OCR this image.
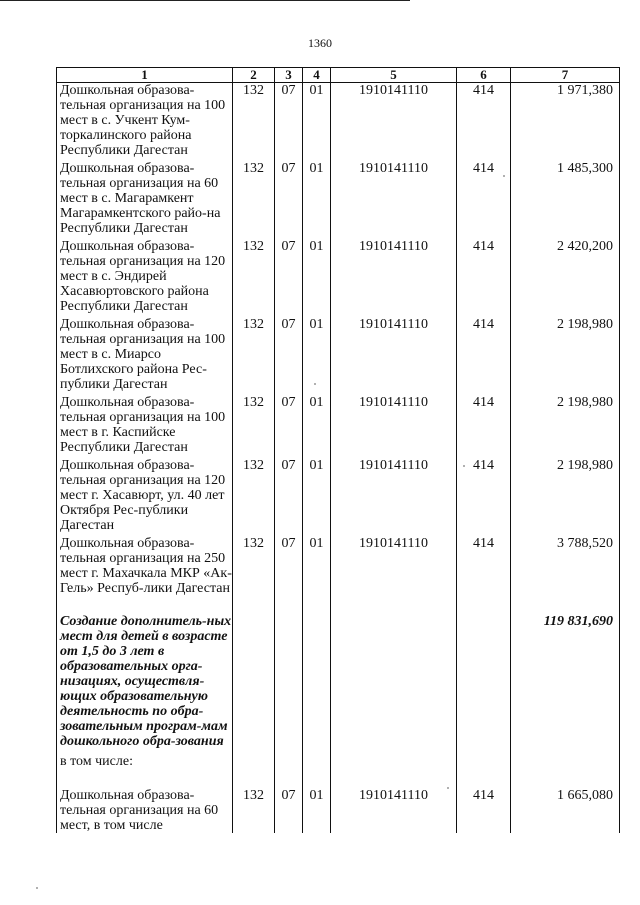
1360
1	2	3	4	5	6	7
Дошкольная образова-тельная организация на 100 мест в с. Учкент Кум-торкалинского района Республики Дагестан	132	07	01	1910141110	414	1 971,380
Дошкольная образова-тельная организация на 60 мест в с. Магарамкент Магарамкентского райо-на Республики Дагестан	132	07	01	1910141110	414	1 485,300
Дошкольная образова-тельная организация на 120 мест в с. Эндирей Хасавюртовского района Республики Дагестан	132	07	01	1910141110	414	2 420,200
Дошкольная образова-тельная организация на 100 мест в с. Миарсо Ботлихского района Рес-публики Дагестан	132	07	01	1910141110	414	2 198,980
Дошкольная образова-тельная организация на 100 мест в г. Каспийске Республики Дагестан	132	07	01	1910141110	414	2 198,980
Дошкольная образова-тельная организация на 120 мест г. Хасавюрт, ул. 40 лет Октября Рес-публики Дагестан	132	07	01	1910141110	414	2 198,980
Дошкольная образова-тельная организация на 250 мест г. Махачкала МКР «Ак-Гель» Респуб-лики Дагестан	132	07	01	1910141110	414	3 788,520
Создание дополнитель-ных мест для детей в возрасте от 1,5 до 3 лет в образовательных орга-низациях, осуществля-ющих образовательную деятельность по обра-зовательным програм-мам дошкольного обра-зования						119 831,690
в том числе:						
Дошкольная образова-тельная организация на 60 мест, в том числе	132	07	01	1910141110	414	1 665,080
